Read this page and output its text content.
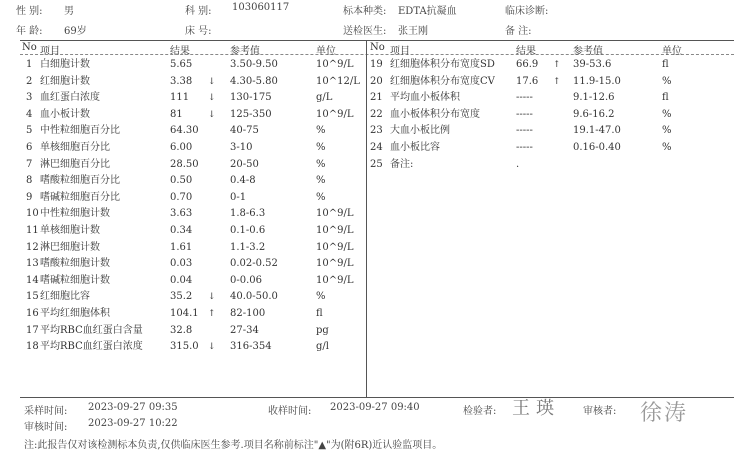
性 别: 男	科 别: 103060117	标本种类: EDTA抗凝血	临床诊断:
年 龄: 69岁	床 号:	送检医生: 张王刚	备 注:
No 项目	结果	参考值	单位	No 项目	结果	参考值	单位
1 白细胞计数	5.65	3.50-9.50	10^9/L
2 红细胞计数	3.38 ↓ 4.30-5.80	10^12/L
3 血红蛋白浓度	111 ↓ 130-175	g/L
4 血小板计数	81	↓ 125-350	10^9/L
5 中性粒细胞百分比	64.30	40-75	%
6 单核细胞百分比	6.00	3-10	%
7 淋巴细胞百分比	28.50	20-50	%
8 嗜酸粒细胞百分比	0.50	0.4-8	%
9 嗜碱粒细胞百分比	0.70	0-1	%
10 中性粒细胞计数	3.63	1.8-6.3	10^9/L
11 单核细胞计数	0.34	0.1-0.6	10^9/L
12 淋巴细胞计数	1.61	1.1-3.2	10^9/L
13 嗜酸粒细胞计数	0.03	0.02-0.52	10^9/L
14 嗜碱粒细胞计数	0.04	0-0.06	10^9/L
15 红细胞比容	35.2 ↓ 40.0-50.0	%
16 平均红细胞体积	104.1 ↑ 82-100	fl
17 平均RBC血红蛋白含量	32.8	27-34	pg
18 平均RBC血红蛋白浓度	315.0 ↓ 316-354	g/l
19 红细胞体积分布宽度SD 66.9 ↑ 39-53.6	fl
20 红细胞体积分布宽度CV 17.6 ↑ 11.9-15.0	%
21 平均血小板体积	-----	9.1-12.6	fl
22 血小板体积分布宽度	-----	9.6-16.2	%
23 大血小板比例	-----	19.1-47.0	%
24 血小板比容	-----	0.16-0.40	%
25 备注:	.
采样时间: 2023-09-27 09:35	收样时间: 2023-09-27 09:40	检验者: 王瑛 审核者: 徐涛
审核时间: 2023-09-27 10:22
注:此报告仅对该检测标本负责,仅供临床医生参考.项目名称前标注"▲"为(附6R)近认验监项目。
